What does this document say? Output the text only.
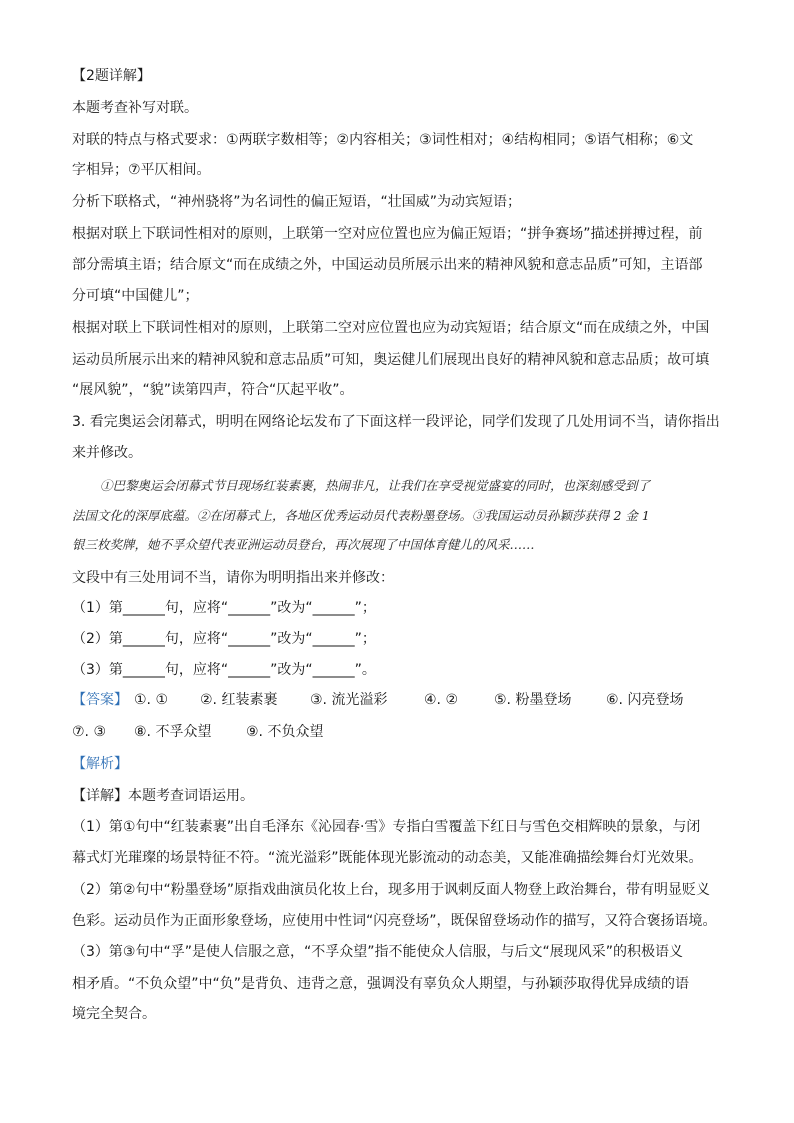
【2题详解】
本题考查补写对联。
对联的特点与格式要求：①两联字数相等；②内容相关；③词性相对；④结构相同；⑤语气相称；⑥文
字相异；⑦平仄相间。
分析下联格式，“神州骁将”为名词性的偏正短语，“壮国威”为动宾短语；
根据对联上下联词性相对的原则，上联第一空对应位置也应为偏正短语；“拼争赛场”描述拼搏过程，前
部分需填主语；结合原文“而在成绩之外，中国运动员所展示出来的精神风貌和意志品质”可知，主语部
分可填“中国健儿”；
根据对联上下联词性相对的原则，上联第二空对应位置也应为动宾短语；结合原文“而在成绩之外，中国
运动员所展示出来的精神风貌和意志品质”可知，奥运健儿们展现出良好的精神风貌和意志品质；故可填
“展风貌”，“貌”读第四声，符合“仄起平收”。
3. 看完奥运会闭幕式，明明在网络论坛发布了下面这样一段评论，同学们发现了几处用词不当，请你指出
来并修改。
①巴黎奥运会闭幕式节目现场红装素裹，热闹非凡，让我们在享受视觉盛宴的同时，也深刻感受到了
法国文化的深厚底蕴。②在闭幕式上，各地区优秀运动员代表粉墨登场。③我国运动员孙颖莎获得 2 金 1
银三枚奖牌，她不孚众望代表亚洲运动员登台，再次展现了中国体育健儿的风采……
文段中有三处用词不当，请你为明明指出来并修改：
（1）第______句，应将“______”改为“______”；
（2）第______句，应将“______”改为“______”；
（3）第______句，应将“______”改为“______”。
【答案】 ①. ①	②. 红装素裹	③. 流光溢彩	④. ②	⑤. 粉墨登场	⑥. 闪亮登场
⑦. ③	⑧. 不孚众望	⑨. 不负众望
【解析】
【详解】本题考查词语运用。
（1）第①句中“红装素裹”出自毛泽东《沁园春·雪》专指白雪覆盖下红日与雪色交相辉映的景象，与闭
幕式灯光璀璨的场景特征不符。“流光溢彩”既能体现光影流动的动态美，又能准确描绘舞台灯光效果。
（2）第②句中“粉墨登场”原指戏曲演员化妆上台，现多用于讽刺反面人物登上政治舞台，带有明显贬义
色彩。运动员作为正面形象登场，应使用中性词“闪亮登场”，既保留登场动作的描写，又符合褒扬语境。
（3）第③句中“孚”是使人信服之意，“不孚众望”指不能使众人信服，与后文“展现风采”的积极语义
相矛盾。“不负众望”中“负”是背负、违背之意，强调没有辜负众人期望，与孙颖莎取得优异成绩的语
境完全契合。
